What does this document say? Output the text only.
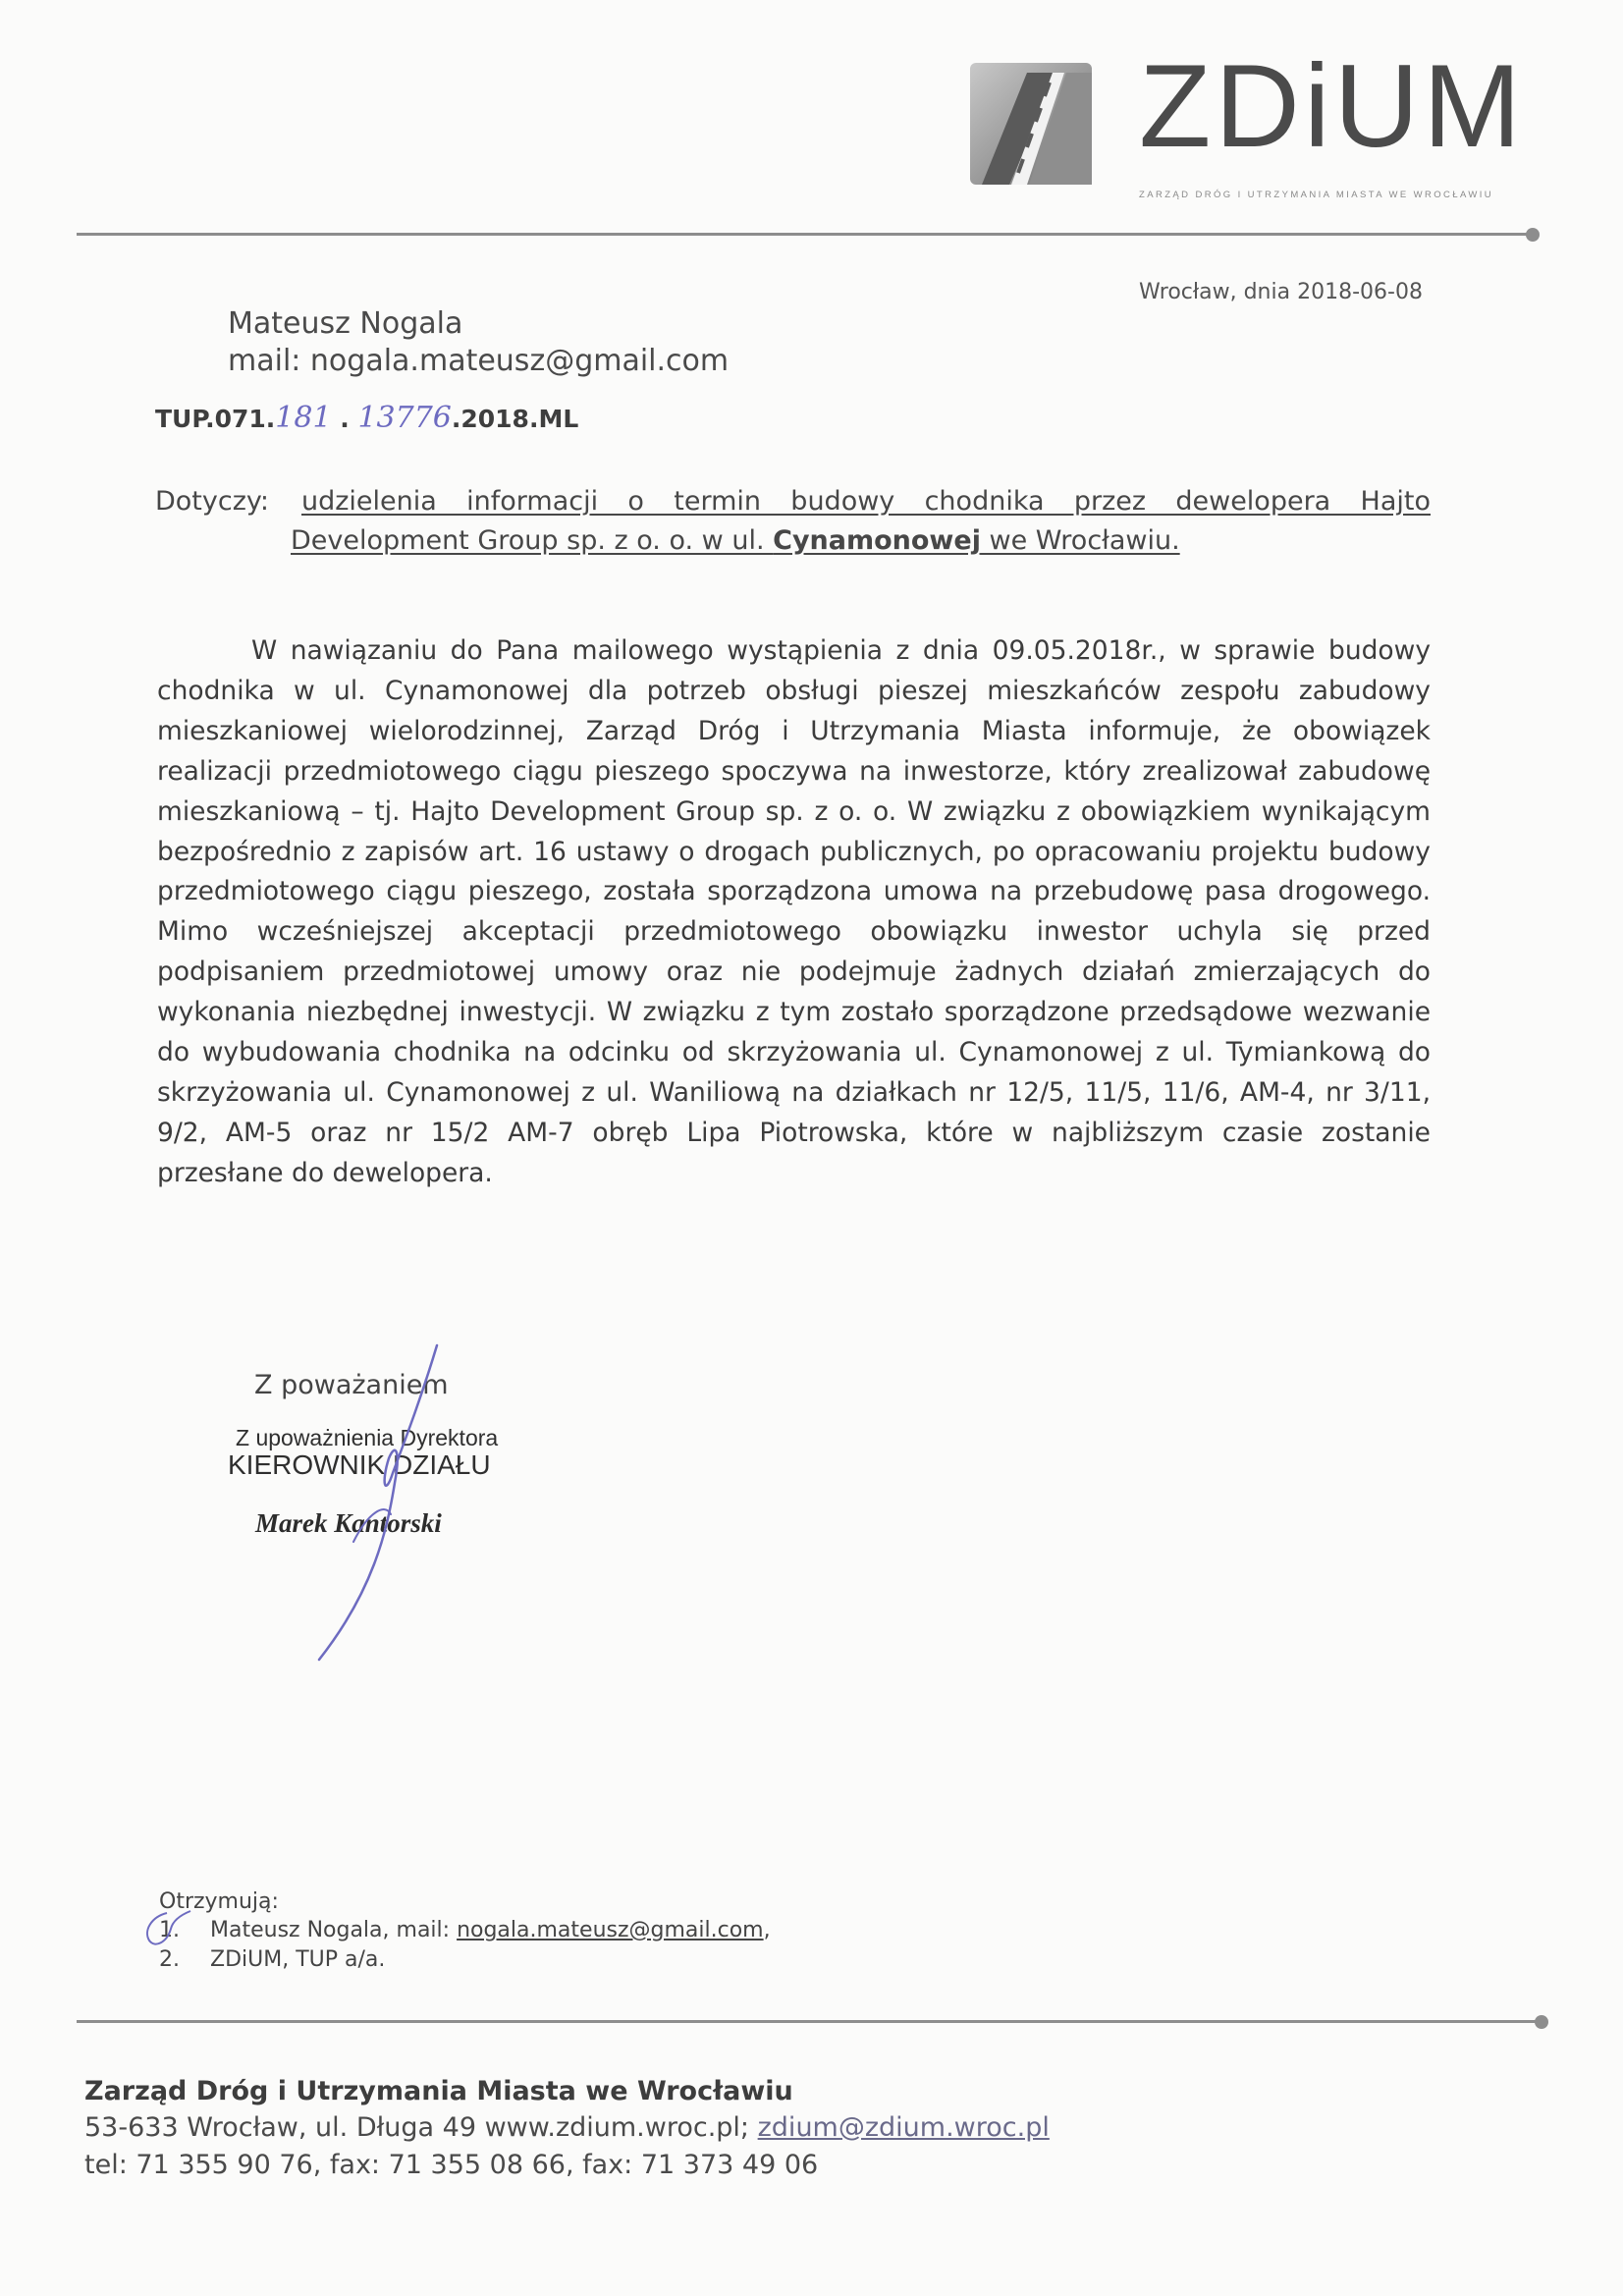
ZDiUM
ZARZĄD DRÓG I UTRZYMANIA MIASTA WE WROCŁAWIU
Wrocław, dnia 2018-06-08
Mateusz Nogala
mail: nogala.mateusz@gmail.com
TUP.071.181 . 13776.2018.ML
Dotyczy: udzielenia informacji o termin budowy chodnika przez dewelopera Hajto
Development Group sp. z o. o. w ul. Cynamonowej we Wrocławiu.

W nawiązaniu do Pana mailowego wystąpienia z dnia 09.05.2018r., w sprawie budowy chodnika w ul. Cynamonowej dla potrzeb obsługi pieszej mieszkańców zespołu zabudowy mieszkaniowej wielorodzinnej, Zarząd Dróg i Utrzymania Miasta informuje, że obowiązek realizacji przedmiotowego ciągu pieszego spoczywa na inwestorze, który zrealizował zabudowę mieszkaniową – tj. Hajto Development Group sp. z o. o. W związku z obowiązkiem wynikającym bezpośrednio z zapisów art. 16 ustawy o drogach publicznych, po opracowaniu projektu budowy przedmiotowego ciągu pieszego, została sporządzona umowa na przebudowę pasa drogowego. Mimo wcześniejszej akceptacji przedmiotowego obowiązku inwestor uchyla się przed podpisaniem przedmiotowej umowy oraz nie podejmuje żadnych działań zmierzających do wykonania niezbędnej inwestycji. W związku z tym zostało sporządzone przedsądowe wezwanie do wybudowania chodnika na odcinku od skrzyżowania ul. Cynamonowej z ul. Tymiankową do skrzyżowania ul. Cynamonowej z ul. Waniliową na działkach nr 12/5, 11/5, 11/6, AM-4, nr 3/11, 9/2, AM-5 oraz nr 15/2 AM-7 obręb Lipa Piotrowska, które w najbliższym czasie zostanie przesłane do dewelopera.

Z poważaniem
Z upoważnienia Dyrektora
KIEROWNIK DZIAŁU
Marek Kantorski
Otrzymują:
1. Mateusz Nogala, mail: nogala.mateusz@gmail.com,
2. ZDiUM, TUP a/a.
Zarząd Dróg i Utrzymania Miasta we Wrocławiu
53-633 Wrocław, ul. Długa 49 www.zdium.wroc.pl; zdium@zdium.wroc.pl
tel: 71 355 90 76, fax: 71 355 08 66, fax: 71 373 49 06
